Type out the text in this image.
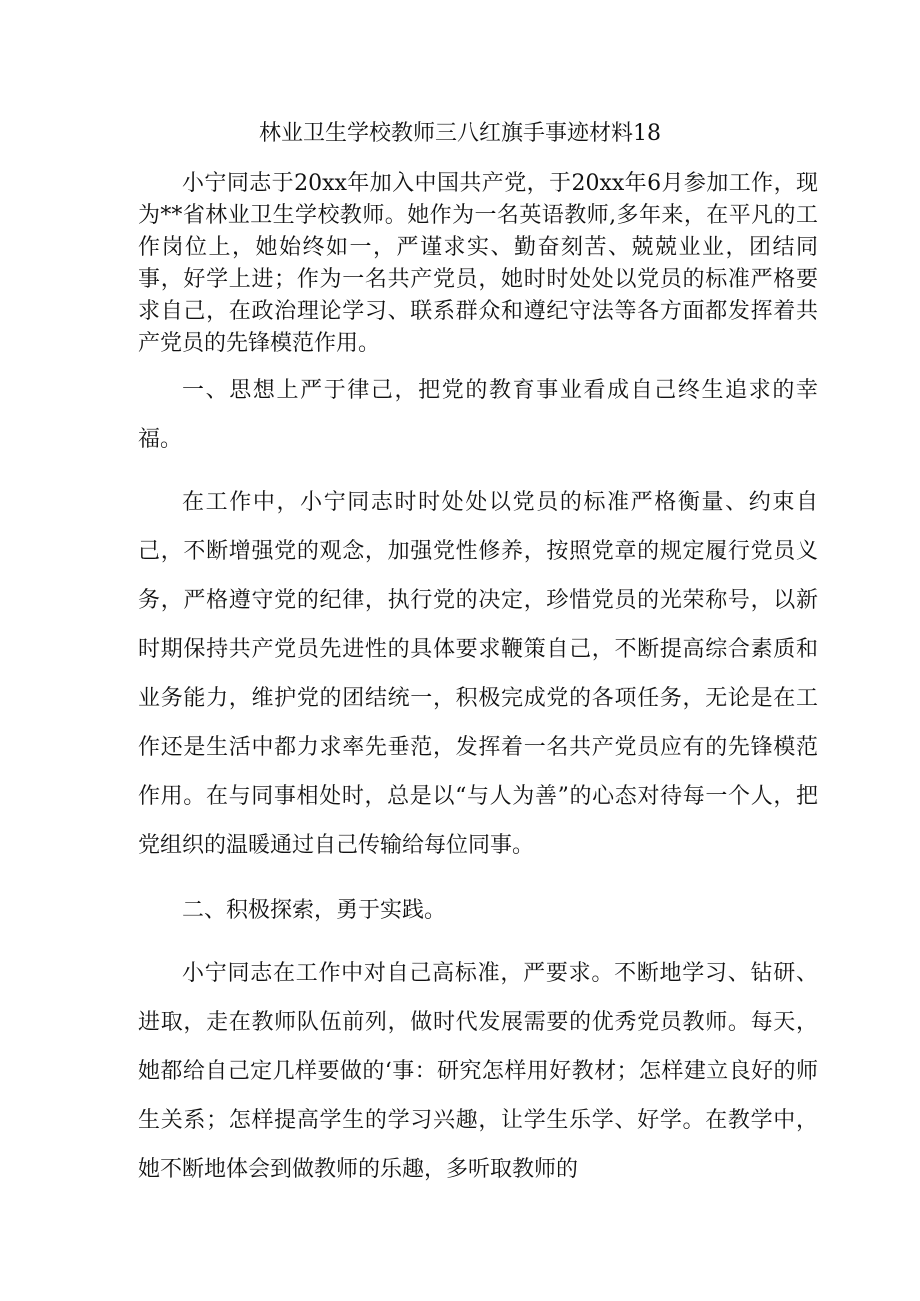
林业卫生学校教师三八红旗手事迹材料18

小宁同志于20xx年加入中国共产党，于20xx年6月参加工作，现为**省林业卫生学校教师。她作为一名英语教师,多年来，在平凡的工作岗位上，她始终如一，严谨求实、勤奋刻苦、兢兢业业，团结同事，好学上进；作为一名共产党员，她时时处处以党员的标准严格要求自己，在政治理论学习、联系群众和遵纪守法等各方面都发挥着共产党员的先锋模范作用。

一、思想上严于律己，把党的教育事业看成自己终生追求的幸福。

在工作中，小宁同志时时处处以党员的标准严格衡量、约束自己，不断增强党的观念，加强党性修养，按照党章的规定履行党员义务，严格遵守党的纪律，执行党的决定，珍惜党员的光荣称号，以新时期保持共产党员先进性的具体要求鞭策自己，不断提高综合素质和业务能力，维护党的团结统一，积极完成党的各项任务，无论是在工作还是生活中都力求率先垂范，发挥着一名共产党员应有的先锋模范作用。在与同事相处时，总是以“与人为善”的心态对待每一个人，把党组织的温暖通过自己传输给每位同事。

二、积极探索，勇于实践。

小宁同志在工作中对自己高标准，严要求。不断地学习、钻研、进取，走在教师队伍前列，做时代发展需要的优秀党员教师。每天，她都给自己定几样要做的‘事：研究怎样用好教材；怎样建立良好的师生关系；怎样提高学生的学习兴趣，让学生乐学、好学。在教学中，她不断地体会到做教师的乐趣，多听取教师的
